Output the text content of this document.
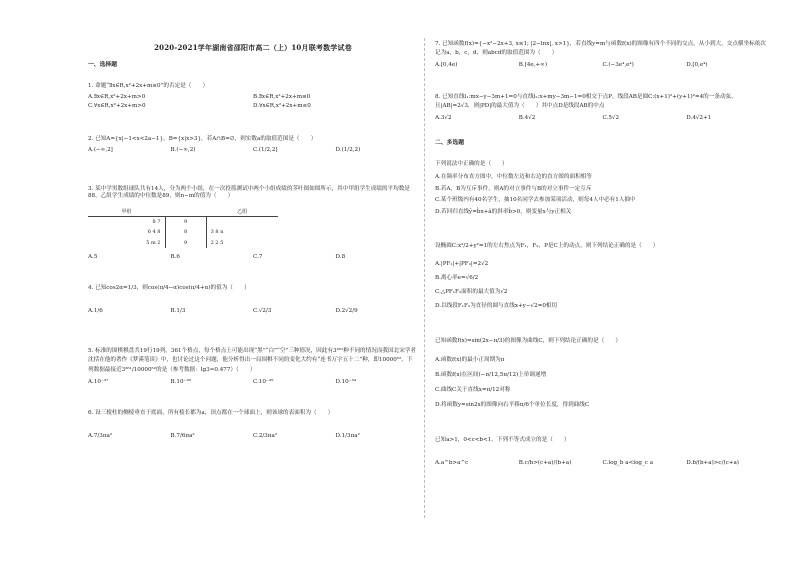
2020-2021学年湖南省邵阳市高二（上）10月联考数学试卷
一、选择题
1. 命题“∃x∈R,x²+2x+m≤0”的否定是（　　）
A.∃x∈R,x²+2x+m>0	B.∃x∈R,x²+2x+m≤0
C.∀x∈R,x²+2x+m>0	D.∀x∈R,x²+2x+m≤0
2. 已知A={x|−1<x<2a−1}，B={x|x>3}，若A∩B=∅，则实数a的取值范围是（　　）
A.(−∞,2]	B.(−∞,2)	C.(1/2,2]	D.(1/2,2)
3. 某中学男数组球队共有14人，分为两个小组，在一次投篮测试中两个小组成绩的茎叶图如图所示，其中甲组学生成绩的平均数是88，乙组学生成绩的中位数是89，则n−m的值为（　　）
甲组		乙组
8 7	9	
6 4 8	8	3 8 n
5 m 2	9	2 2 5
A.5	B.6	C.7	D.8
4. 已知cos2α=1/3，则cos(π/4−α)cos(π/4+α)的值为（　　）
A.1/6	B.1/3	C.√2/3	D.2√2/9
5. 标准的围棋棋盘共19行19列，361个格点，每个格点上可能出现“黑”“白”“空”三种情况，因此有3³⁶¹种不同的情况而我国北宋学者沈括在他的著作《梦溪笔谈》中，也讨论过这个问题，他分析得出一局围棋不同的变化大约有“连书万字五十二”种，即10000⁵²，下列数据最接近3³⁶¹/10000⁵²的是（参考数据：lg3≈0.477）（　　）
A.10⁻³⁷	B.10⁻³⁶	C.10⁻³⁵	D.10⁻³⁴
6. 设三棱柱的侧棱垂直于底面，所有棱长都为a，顶点都在一个球面上，则该球的表面积为（　　）
A.7/3πa²	B.7/6πa²	C.2/3πa²	D.1/3πa²
7. 已知函数f(x)={−x²−2x+3, x≤1; |2−lnx|, x>1}，若直线y=m与函数f(x)的图像有四个不同的交点，从小到大，交点横坐标依次记为a，b，c，d，则abcd的取值范围为（　　）
A.[0,4e)	B.[4e,+∞)	C.(−3e⁴,e⁴)	D.[0,e⁴)
8. 已知直线l₁:mx−y−3m+1=0与直线l₂:x+my−3m−1=0相交于点P，线段AB是圆C:(x+1)²+(y+1)²=4的一条动弦，且|AB|=2√3，则|PD|的最大值为（　　）其中点D是线段AB的中点
A.3√2	B.4√2	C.5√2	D.4√2+1
二、多选题
下列说法中正确的是（　　）
A.在频率分布直方图中，中位数左边和右边的直方图的面积相等
B.若A，B为互斥事件，则A的对立事件与B的对立事件一定互斥
C.某个班级内有40名学生，抽10名同学去参加某项活动，则每4人中必有1人抽中
D.若回归直线ŷ=b̂x+â的斜率b̂>0，则变量x与y正相关
设椭圆C:x²/2+y²=1的左右焦点为F₁，F₂，P是C上的动点，则下列结论正确的是（　　）
A.|PF₁|+|PF₂|=2√2
B.离心率e=√6/2
C.△PF₁F₂面积的最大值为√2
D.以线段F₁F₂为直径的圆与直线x+y−√2=0相切
已知函数f(x)=sin(2x−π/3)的图像为曲线C，则下列结论正确的是（　　）
A.函数f(x)的最小正周期为π
B.函数f(x)在区间(−π/12,5π/12)上单调递增
C.曲线C关于直线x=π/12对称
D.将函数y=sin2x的图像向右平移π/6个单位长度，得到曲线C
已知a>1，0<c<b<1，下列不等式成立的是（　　）
A.a^b>a^c	B.c/b>(c+a)/(b+a)	C.log_b a<log_c a	D.b/(b+a)>c/(c+a)
